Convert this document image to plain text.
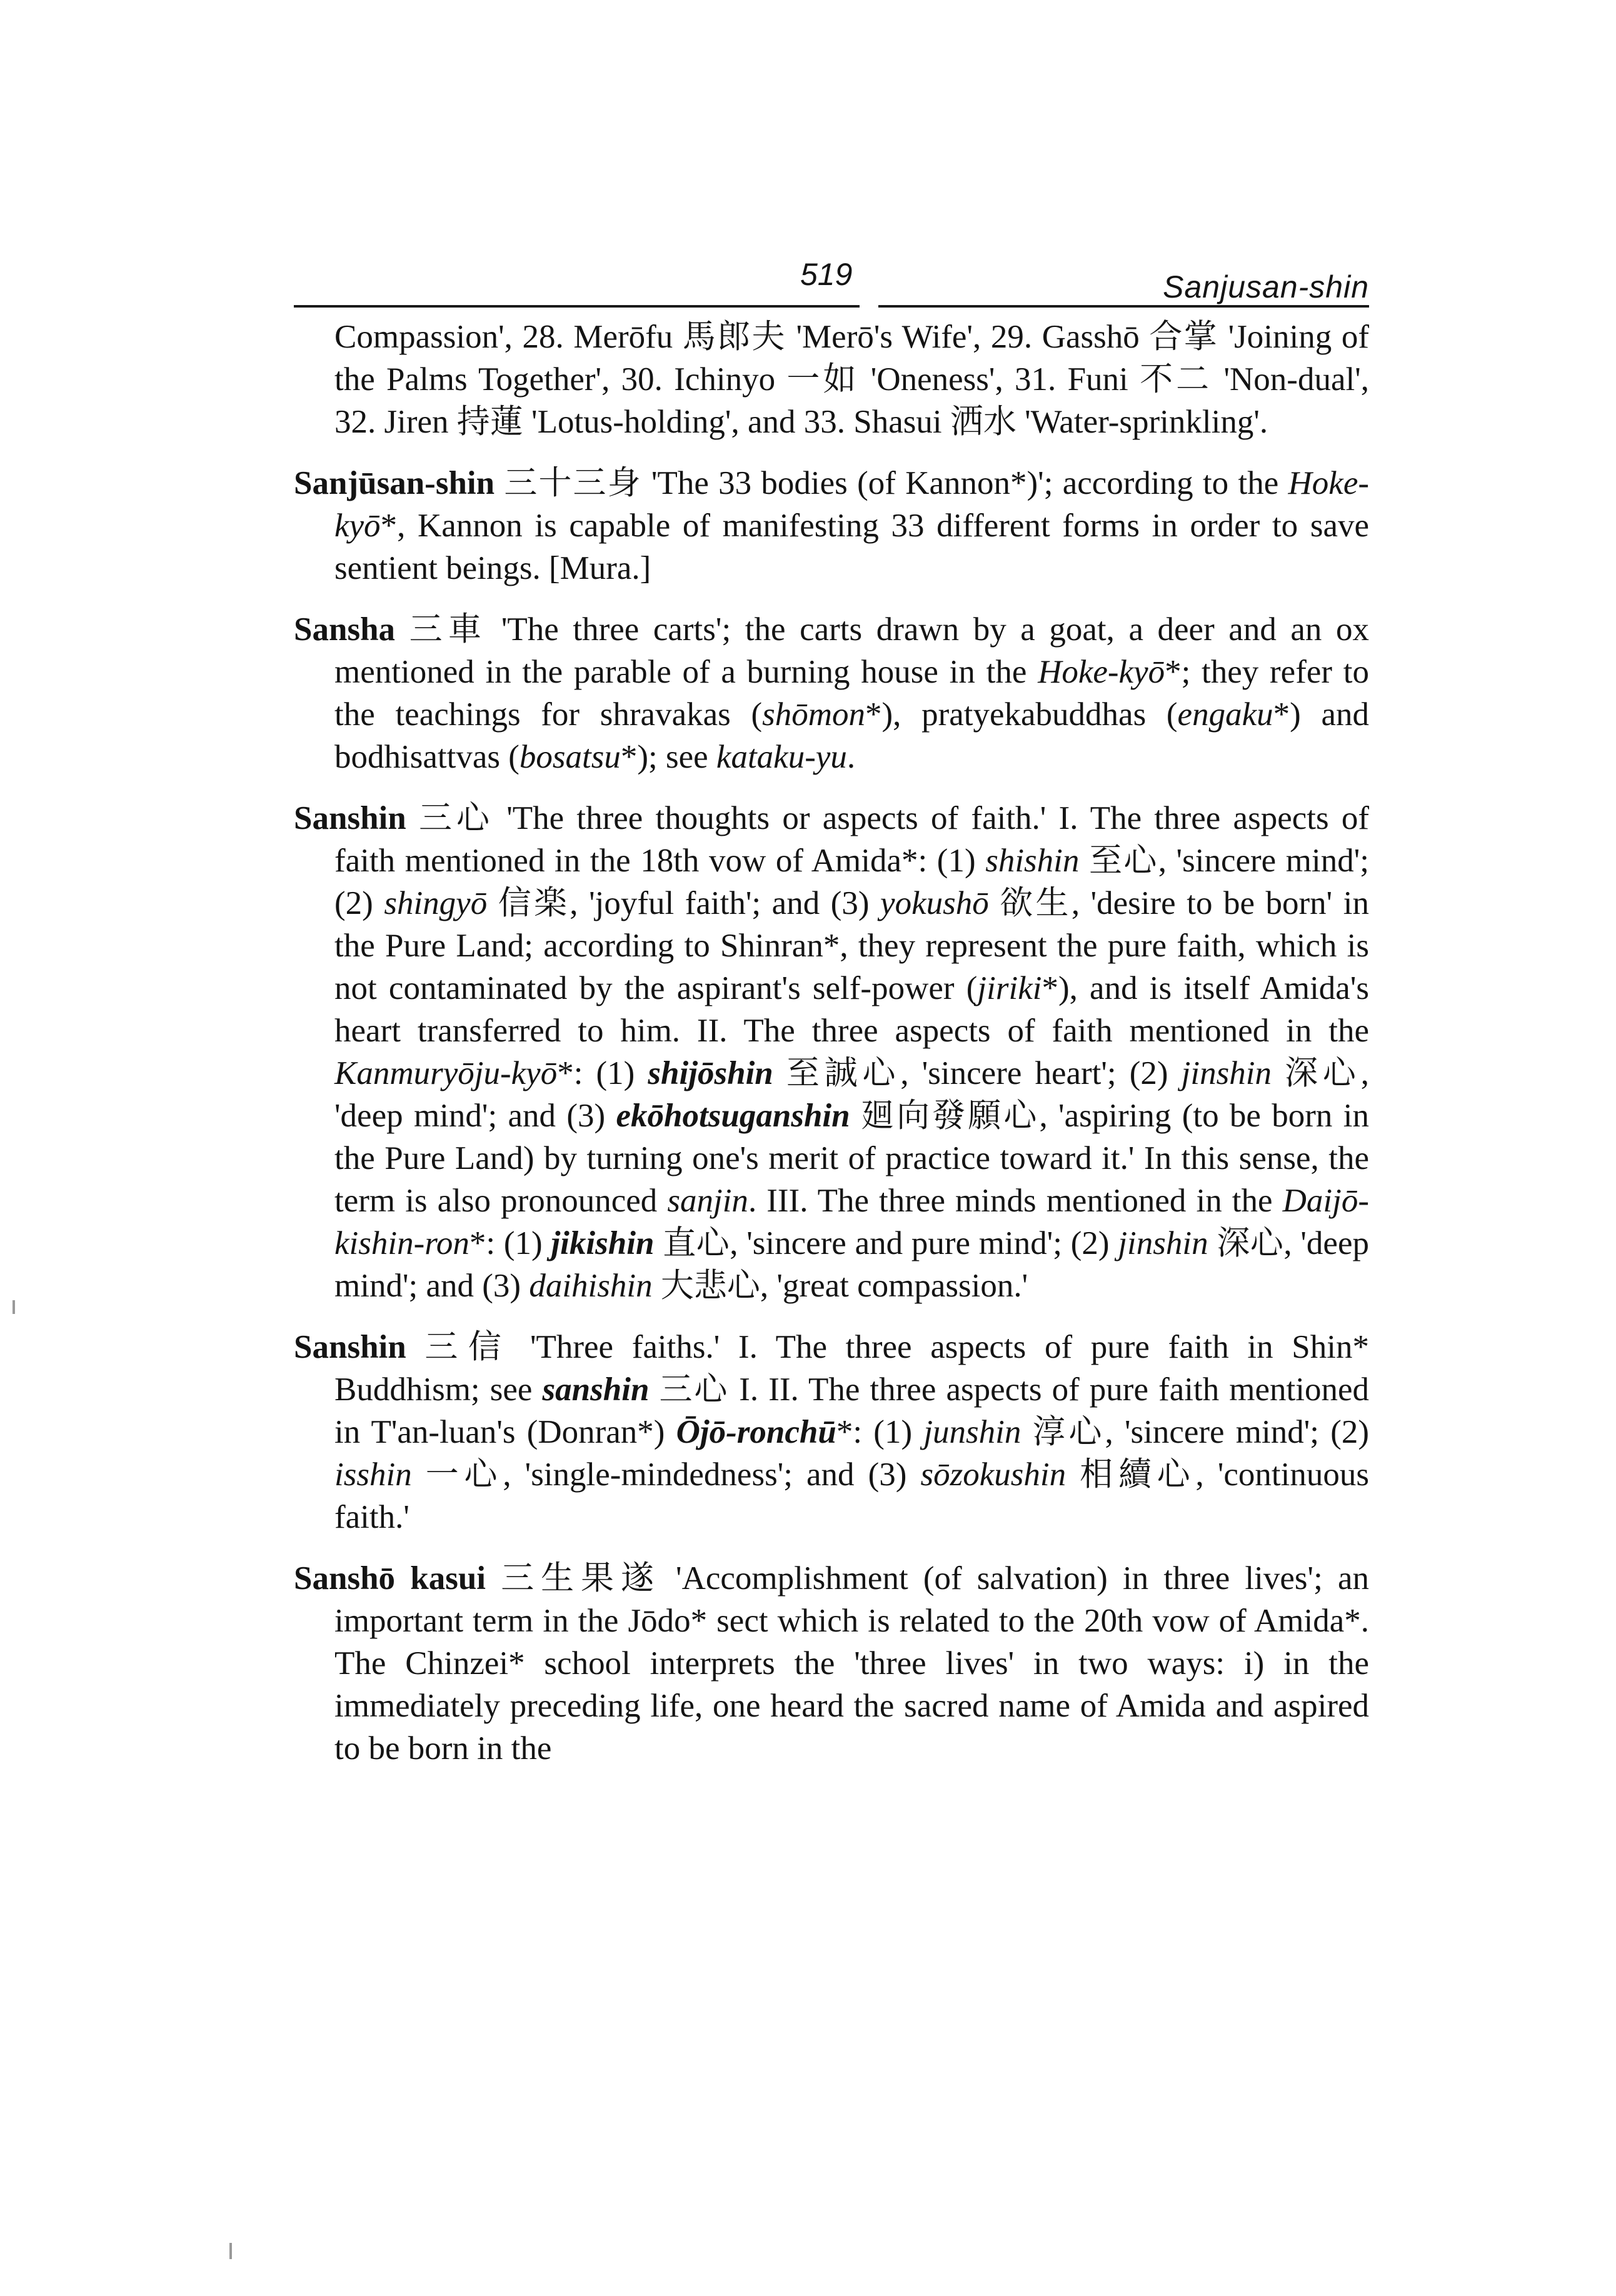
519	Sanjusan-shin

Compassion', 28. Merōfu 馬郎夫 'Merō's Wife', 29. Gasshō 合掌 'Joining of the Palms Together', 30. Ichinyo 一如 'Oneness', 31. Funi 不二 'Non-dual', 32. Jiren 持蓮 'Lotus-holding', and 33. Shasui 洒水 'Water-sprinkling'.

Sanjūsan-shin 三十三身 'The 33 bodies (of Kannon*)'; according to the Hoke-kyō*, Kannon is capable of manifesting 33 different forms in order to save sentient beings. [Mura.]

Sansha 三車 'The three carts'; the carts drawn by a goat, a deer and an ox mentioned in the parable of a burning house in the Hoke-kyō*; they refer to the teachings for shravakas (shōmon*), pratyekabuddhas (engaku*) and bodhisattvas (bosatsu*); see kataku-yu.

Sanshin 三心 'The three thoughts or aspects of faith.' I. The three aspects of faith mentioned in the 18th vow of Amida*: (1) shishin 至心, 'sincere mind'; (2) shingyō 信楽, 'joyful faith'; and (3) yokushō 欲生, 'desire to be born' in the Pure Land; according to Shinran*, they represent the pure faith, which is not contaminated by the aspirant's self-power (jiriki*), and is itself Amida's heart transferred to him. II. The three aspects of faith mentioned in the Kanmuryōju-kyō*: (1) shijōshin 至誠心, 'sincere heart'; (2) jinshin 深心, 'deep mind'; and (3) ekōhotsuganshin 廻向發願心, 'aspiring (to be born in the Pure Land) by turning one's merit of practice toward it.' In this sense, the term is also pronounced sanjin. III. The three minds mentioned in the Daijō-kishin-ron*: (1) jikishin 直心, 'sincere and pure mind'; (2) jinshin 深心, 'deep mind'; and (3) daihishin 大悲心, 'great compassion.'

Sanshin 三信 'Three faiths.' I. The three aspects of pure faith in Shin* Buddhism; see sanshin 三心 I. II. The three aspects of pure faith mentioned in T'an-luan's (Donran*) Ōjō-ronchū*: (1) junshin 淳心, 'sincere mind'; (2) isshin 一心, 'single-mindedness'; and (3) sōzokushin 相續心, 'continuous faith.'

Sanshō kasui 三生果遂 'Accomplishment (of salvation) in three lives'; an important term in the Jōdo* sect which is related to the 20th vow of Amida*. The Chinzei* school interprets the 'three lives' in two ways: i) in the immediately preceding life, one heard the sacred name of Amida and aspired to be born in the
